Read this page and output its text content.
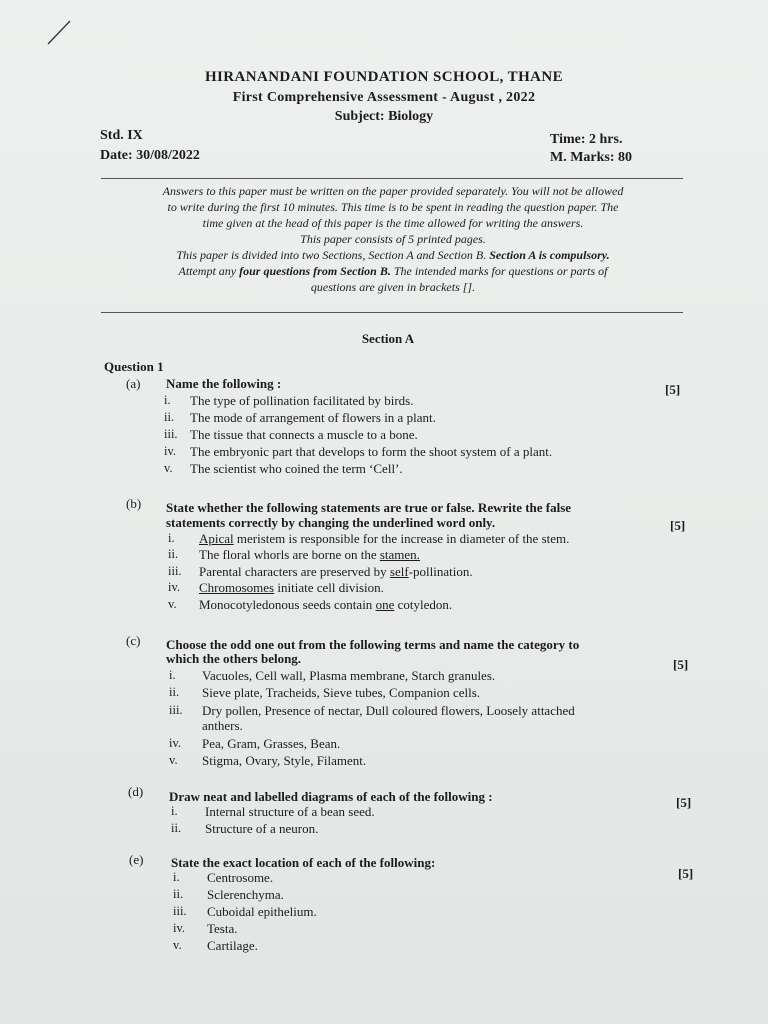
HIRANANDANI FOUNDATION SCHOOL, THANE
First Comprehensive Assessment - August , 2022
Subject: Biology
Std. IX
Date: 30/08/2022
Time: 2 hrs.
M. Marks: 80
Answers to this paper must be written on the paper provided separately. You will not be allowed
to write during the first 10 minutes. This time is to be spent in reading the question paper. The
time given at the head of this paper is the time allowed for writing the answers.
This paper consists of 5 printed pages.
This paper is divided into two Sections, Section A and Section B. Section A is compulsory.
Attempt any four questions from Section B. The intended marks for questions or parts of
questions are given in brackets [].
Section A
Question 1
(a) Name the following :	[5]
i. The type of pollination facilitated by birds.
ii. The mode of arrangement of flowers in a plant.
iii. The tissue that connects a muscle to a bone.
iv. The embryonic part that develops to form the shoot system of a plant.
v. The scientist who coined the term ‘Cell’.
(b) State whether the following statements are true or false. Rewrite the false
statements correctly by changing the underlined word only.	[5]
i. Apical meristem is responsible for the increase in diameter of the stem.
ii. The floral whorls are borne on the stamen.
iii. Parental characters are preserved by self-pollination.
iv. Chromosomes initiate cell division.
v. Monocotyledonous seeds contain one cotyledon.
(c) Choose the odd one out from the following terms and name the category to
which the others belong.	[5]
i. Vacuoles, Cell wall, Plasma membrane, Starch granules.
ii. Sieve plate, Tracheids, Sieve tubes, Companion cells.
iii. Dry pollen, Presence of nectar, Dull coloured flowers, Loosely attached
anthers.
iv. Pea, Gram, Grasses, Bean.
v. Stigma, Ovary, Style, Filament.
(d) Draw neat and labelled diagrams of each of the following :	[5]
i. Internal structure of a bean seed.
ii. Structure of a neuron.
(e) State the exact location of each of the following:
[5]
i. Centrosome.
ii. Sclerenchyma.
iii. Cuboidal epithelium.
iv. Testa.
v. Cartilage.
